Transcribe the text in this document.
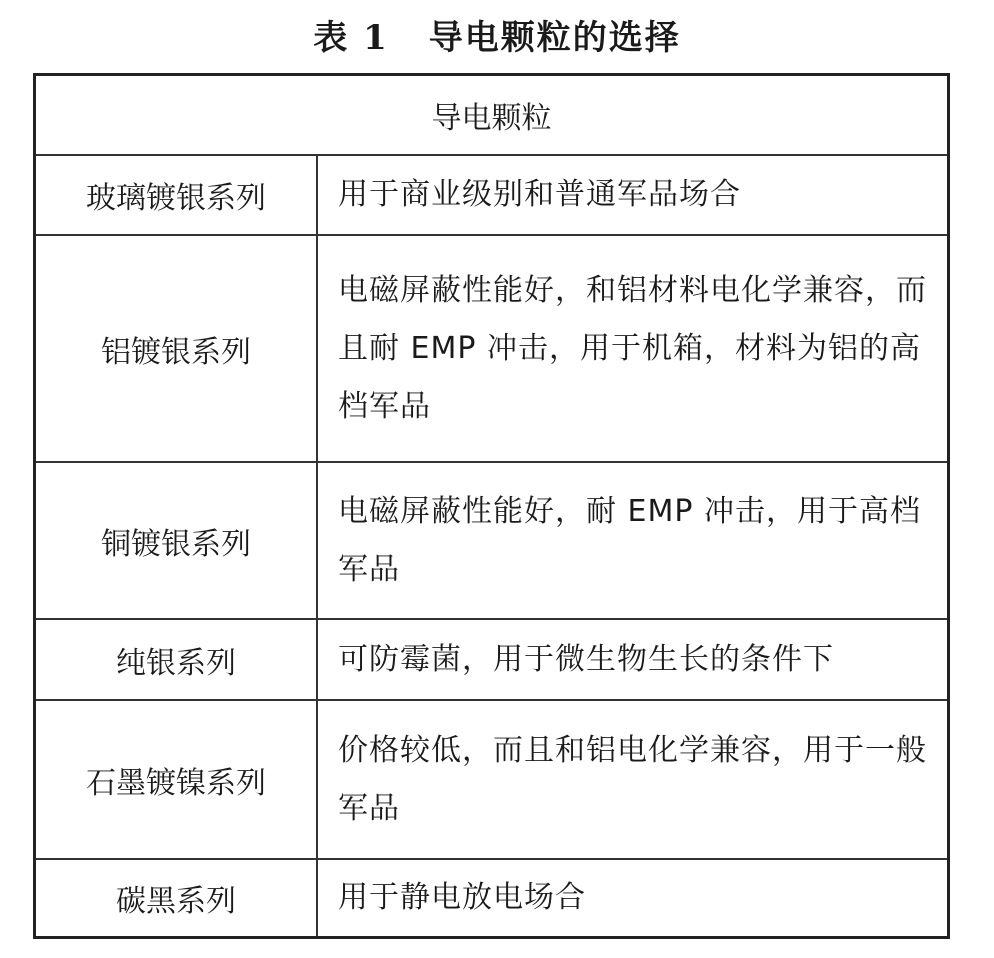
表 1 导电颗粒的选择
导电颗粒	
玻璃镀银系列	用于商业级别和普通军品场合
铝镀银系列	电磁屏蔽性能好，和铝材料电化学兼容，而且耐 EMP 冲击，用于机箱，材料为铝的高档军品
铜镀银系列	电磁屏蔽性能好，耐 EMP 冲击，用于高档军品
纯银系列	可防霉菌，用于微生物生长的条件下
石墨镀镍系列	价格较低，而且和铝电化学兼容，用于一般军品
碳黑系列	用于静电放电场合
